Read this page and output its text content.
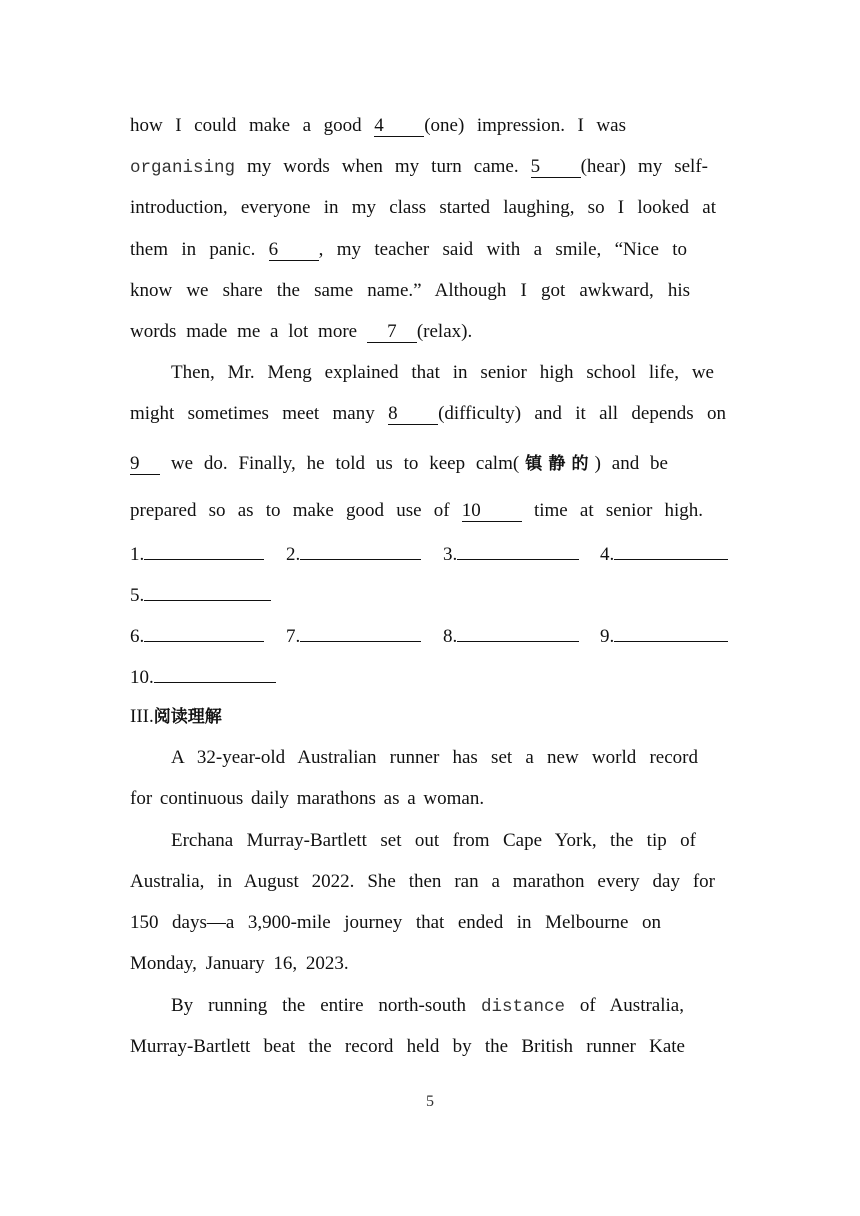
how I could make a good 4 (one) impression. I was
organising my words when my turn came. 5 (hear) my self-
introduction, everyone in my class started laughing, so I looked at
them in panic. 6 , my teacher said with a smile, “Nice to
know we share the same name.” Although I got awkward, his
words made me a lot more 7 (relax).
Then, Mr. Meng explained that in senior high school life, we
might sometimes meet many 8 (difficulty) and it all depends on
9 we do. Finally, he told us to keep calm(镇静的) and be
prepared so as to make good use of 10 time at senior high.
1.	2.	3.	4.
5.
6.	7.	8.	9.
10.
III.阅读理解
A 32-year-old Australian runner has set a new world record
for continuous daily marathons as a woman.
Erchana Murray-Bartlett set out from Cape York, the tip of
Australia, in August 2022. She then ran a marathon every day for
150 days—a 3,900-mile journey that ended in Melbourne on
Monday, January 16, 2023.
By running the entire north-south distance of Australia,
Murray-Bartlett beat the record held by the British runner Kate
5
